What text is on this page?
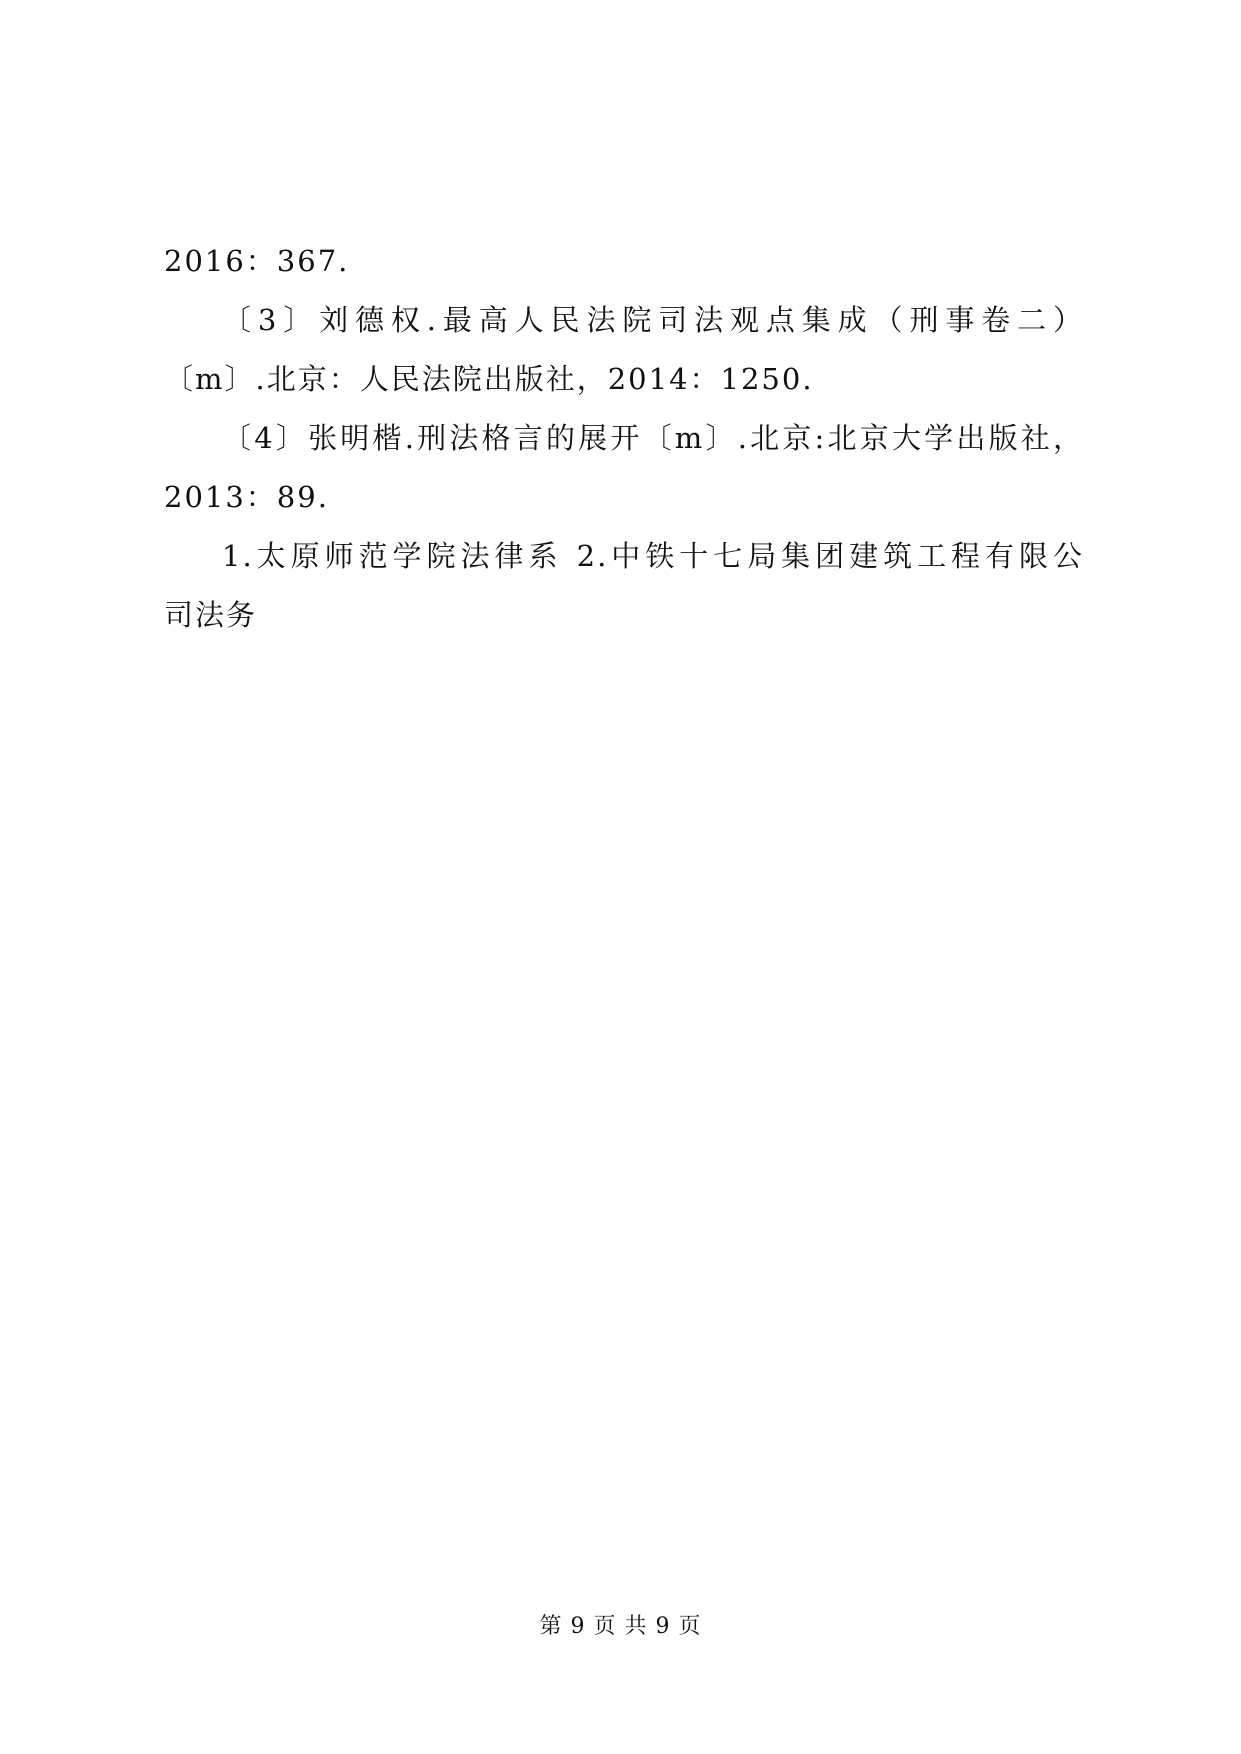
2016：367.
〔3〕刘德权.最高人民法院司法观点集成（刑事卷二）
〔m〕.北京：人民法院出版社，2014：1250.
〔4〕张明楷.刑法格言的展开〔m〕.北京:北京大学出版社，
2013：89.
1.太原师范学院法律系 2.中铁十七局集团建筑工程有限公
司法务
第 9 页 共 9 页
